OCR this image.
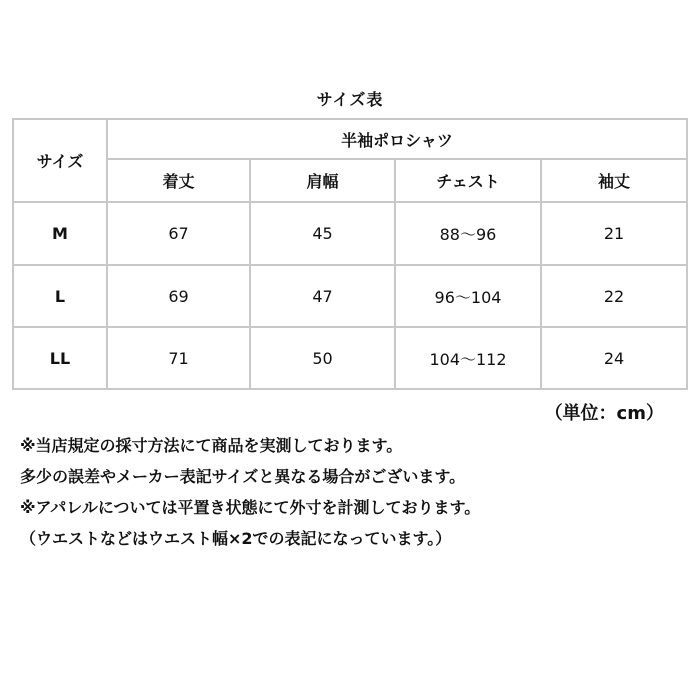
サイズ表
サイズ	半袖ポロシャツ			
	着丈	肩幅	チェスト	袖丈
M	67	45	88〜96	21
L	69	47	96〜104	22
LL	71	50	104〜112	24
（単位：cm）
※当店規定の採寸方法にて商品を実測しております。
多少の誤差やメーカー表記サイズと異なる場合がございます。
※アパレルについては平置き状態にて外寸を計測しております。
（ウエストなどはウエスト幅×2での表記になっています。）
